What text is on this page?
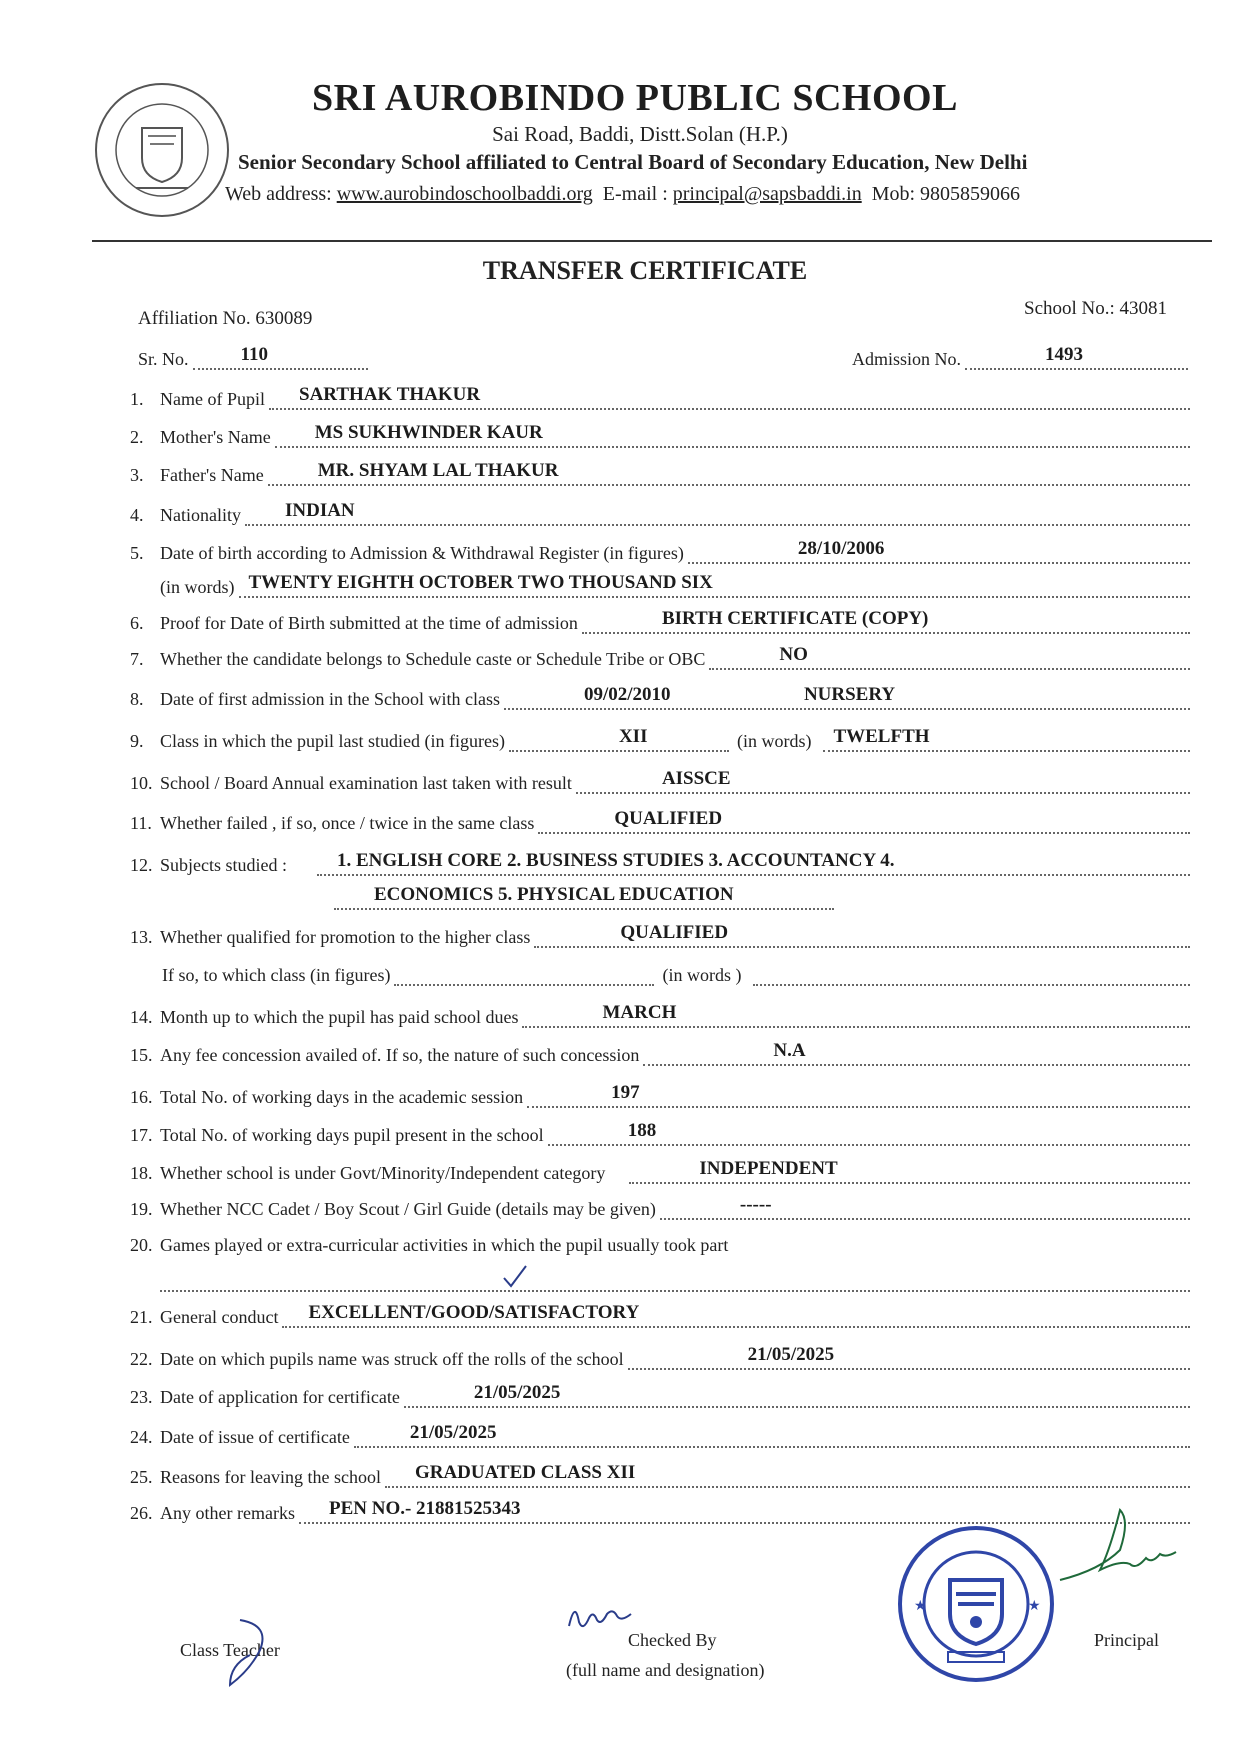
SRI AUROBINDO PUBLIC SCHOOL
Sai Road, Baddi, Distt.Solan (H.P.)
Senior Secondary School affiliated to Central Board of Secondary Education, New Delhi
Web address: www.aurobindoschoolbaddi.org E-mail : principal@sapsbaddi.in Mob: 9805859066
TRANSFER CERTIFICATE
Affiliation No. 630089	School No.: 43081
Sr. No.	110	Admission No.	1493
1. Name of Pupil SARTHAK THAKUR
2. Mother's Name MS SUKHWINDER KAUR
3. Father's Name	MR. SHYAM LAL THAKUR
4. Nationality INDIAN
5. Date of birth according to Admission & Withdrawal Register (in figures)	28/10/2006
(in words) TWENTY EIGHTH OCTOBER TWO THOUSAND SIX
6. Proof for Date of Birth submitted at the time of admission	BIRTH CERTIFICATE (COPY)
7. Whether the candidate belongs to Schedule caste or Schedule Tribe or OBC	NO
8. Date of first admission in the School with class	09/02/2010	NURSERY
9. Class in which the pupil last studied (in figures)	XII	(in words) TWELFTH
10. School / Board Annual examination last taken with result	AISSCE
11. Whether failed , if so, once / twice in the same class	QUALIFIED
12. Subjects studied :	1. ENGLISH CORE 2. BUSINESS STUDIES 3. ACCOUNTANCY 4.
ECONOMICS 5. PHYSICAL EDUCATION
13. Whether qualified for promotion to the higher class	QUALIFIED
If so, to which class (in figures)	(in words )
14. Month up to which the pupil has paid school dues	MARCH
15. Any fee concession availed of. If so, the nature of such concession	N.A
16. Total No. of working days in the academic session	197
17. Total No. of working days pupil present in the school	188
18. Whether school is under Govt/Minority/Independent category	INDEPENDENT
19. Whether NCC Cadet / Boy Scout / Girl Guide (details may be given)	-----
20. Games played or extra-curricular activities in which the pupil usually took part
21. General conduct EXCELLENT/GOOD/SATISFACTORY
22. Date on which pupils name was struck off the rolls of the school	21/05/2025
23. Date of application for certificate	21/05/2025
24. Date of issue of certificate	21/05/2025
25. Reasons for leaving the school GRADUATED CLASS XII
26. Any other remarks PEN NO.- 21881525343
Class Teacher	Checked By
(full name and designation)
★	★
Principal
